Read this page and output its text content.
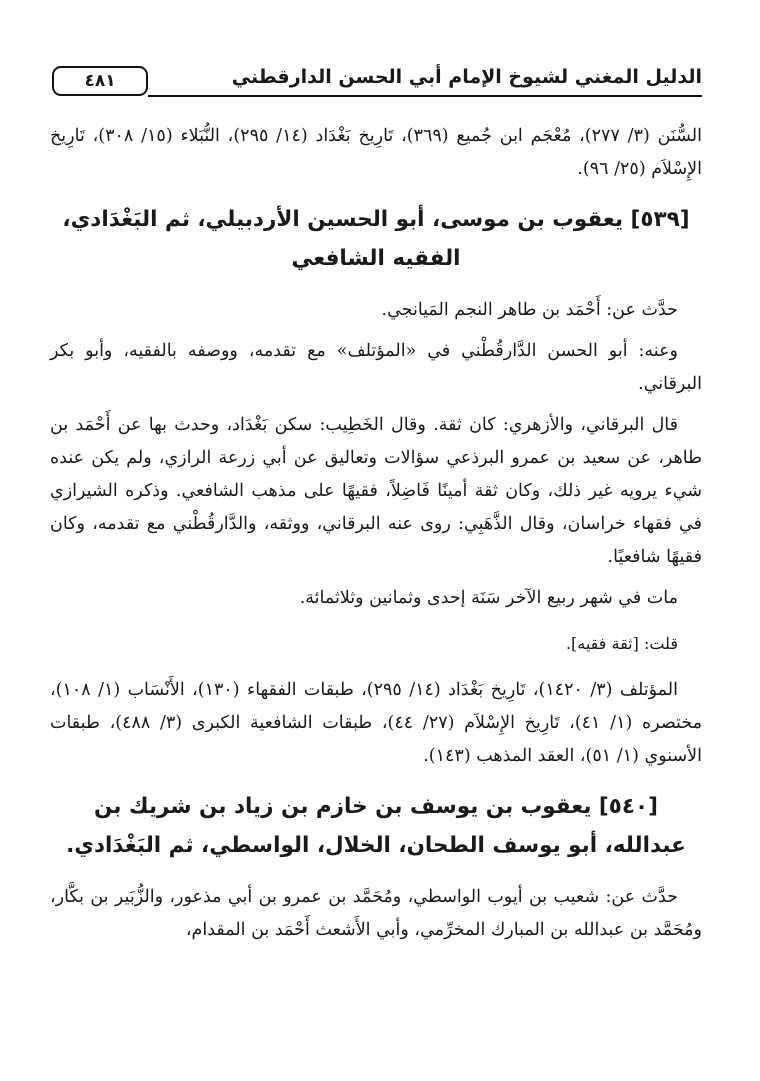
الدليل المغني لشيوخ الإمام أبي الحسن الدارقطني
٤٨١

السُّنَن (٣/ ٢٧٧)، مُعْجَم ابن جُميع (٣٦٩)، تَارِيخ بَغْدَاد (١٤/ ٢٩٥)، النُّبَلاء (١٥/ ٣٠٨)، تَارِيخ الإِسْلاَم (٢٥/ ٩٦).

[٥٣٩] يعقوب بن موسى، أبو الحسين الأردبيلي، ثم البَغْدَادي، الفقيه الشافعي

حدَّث عن: أَحْمَد بن طاهر النجم المَيانجي.

وعنه: أبو الحسن الدَّارقُطْني في «المؤتلف» مع تقدمه، ووصفه بالفقيه، وأبو بكر البرقاني.

قال البرقاني، والأزهري: كان ثقة. وقال الخَطِيب: سكن بَغْدَاد، وحدث بها عن أَحْمَد بن طاهر، عن سعيد بن عمرو البرذعي سؤالات وتعاليق عن أبي زرعة الرازي، ولم يكن عنده شيء يرويه غير ذلك، وكان ثقة أمينًا فَاضِلاً، فقيهًا على مذهب الشافعي. وذكره الشيرازي في فقهاء خراسان، وقال الذَّهَبِي: روى عنه البرقاني، ووثقه، والدَّارقُطْني مع تقدمه، وكان فقيهًا شافعيًا.

مات في شهر ربيع الآخر سَنَة إحدى وثمانين وثلاثمائة.

قلت: [ثقة فقيه].

المؤتلف (٣/ ١٤٢٠)، تَارِيخ بَغْدَاد (١٤/ ٢٩٥)، طبقات الفقهاء (١٣٠)، الأَنْسَاب (١/ ١٠٨)، مختصره (١/ ٤١)، تَارِيخ الإِسْلاَم (٢٧/ ٤٤)، طبقات الشافعية الكبرى (٣/ ٤٨٨)، طبقات الأسنوي (١/ ٥١)، العقد المذهب (١٤٣).

[٥٤٠] يعقوب بن يوسف بن خازم بن زياد بن شريك بن عبدالله، أبو يوسف الطحان، الخلال، الواسطي، ثم البَغْدَادي.

حدَّث عن: شعيب بن أيوب الواسطي، ومُحَمَّد بن عمرو بن أبي مذعور، والزُّبَير بن بكَّار، ومُحَمَّد بن عبدالله بن المبارك المخرِّمي، وأبي الأَشعث أَحْمَد بن المقدام،
